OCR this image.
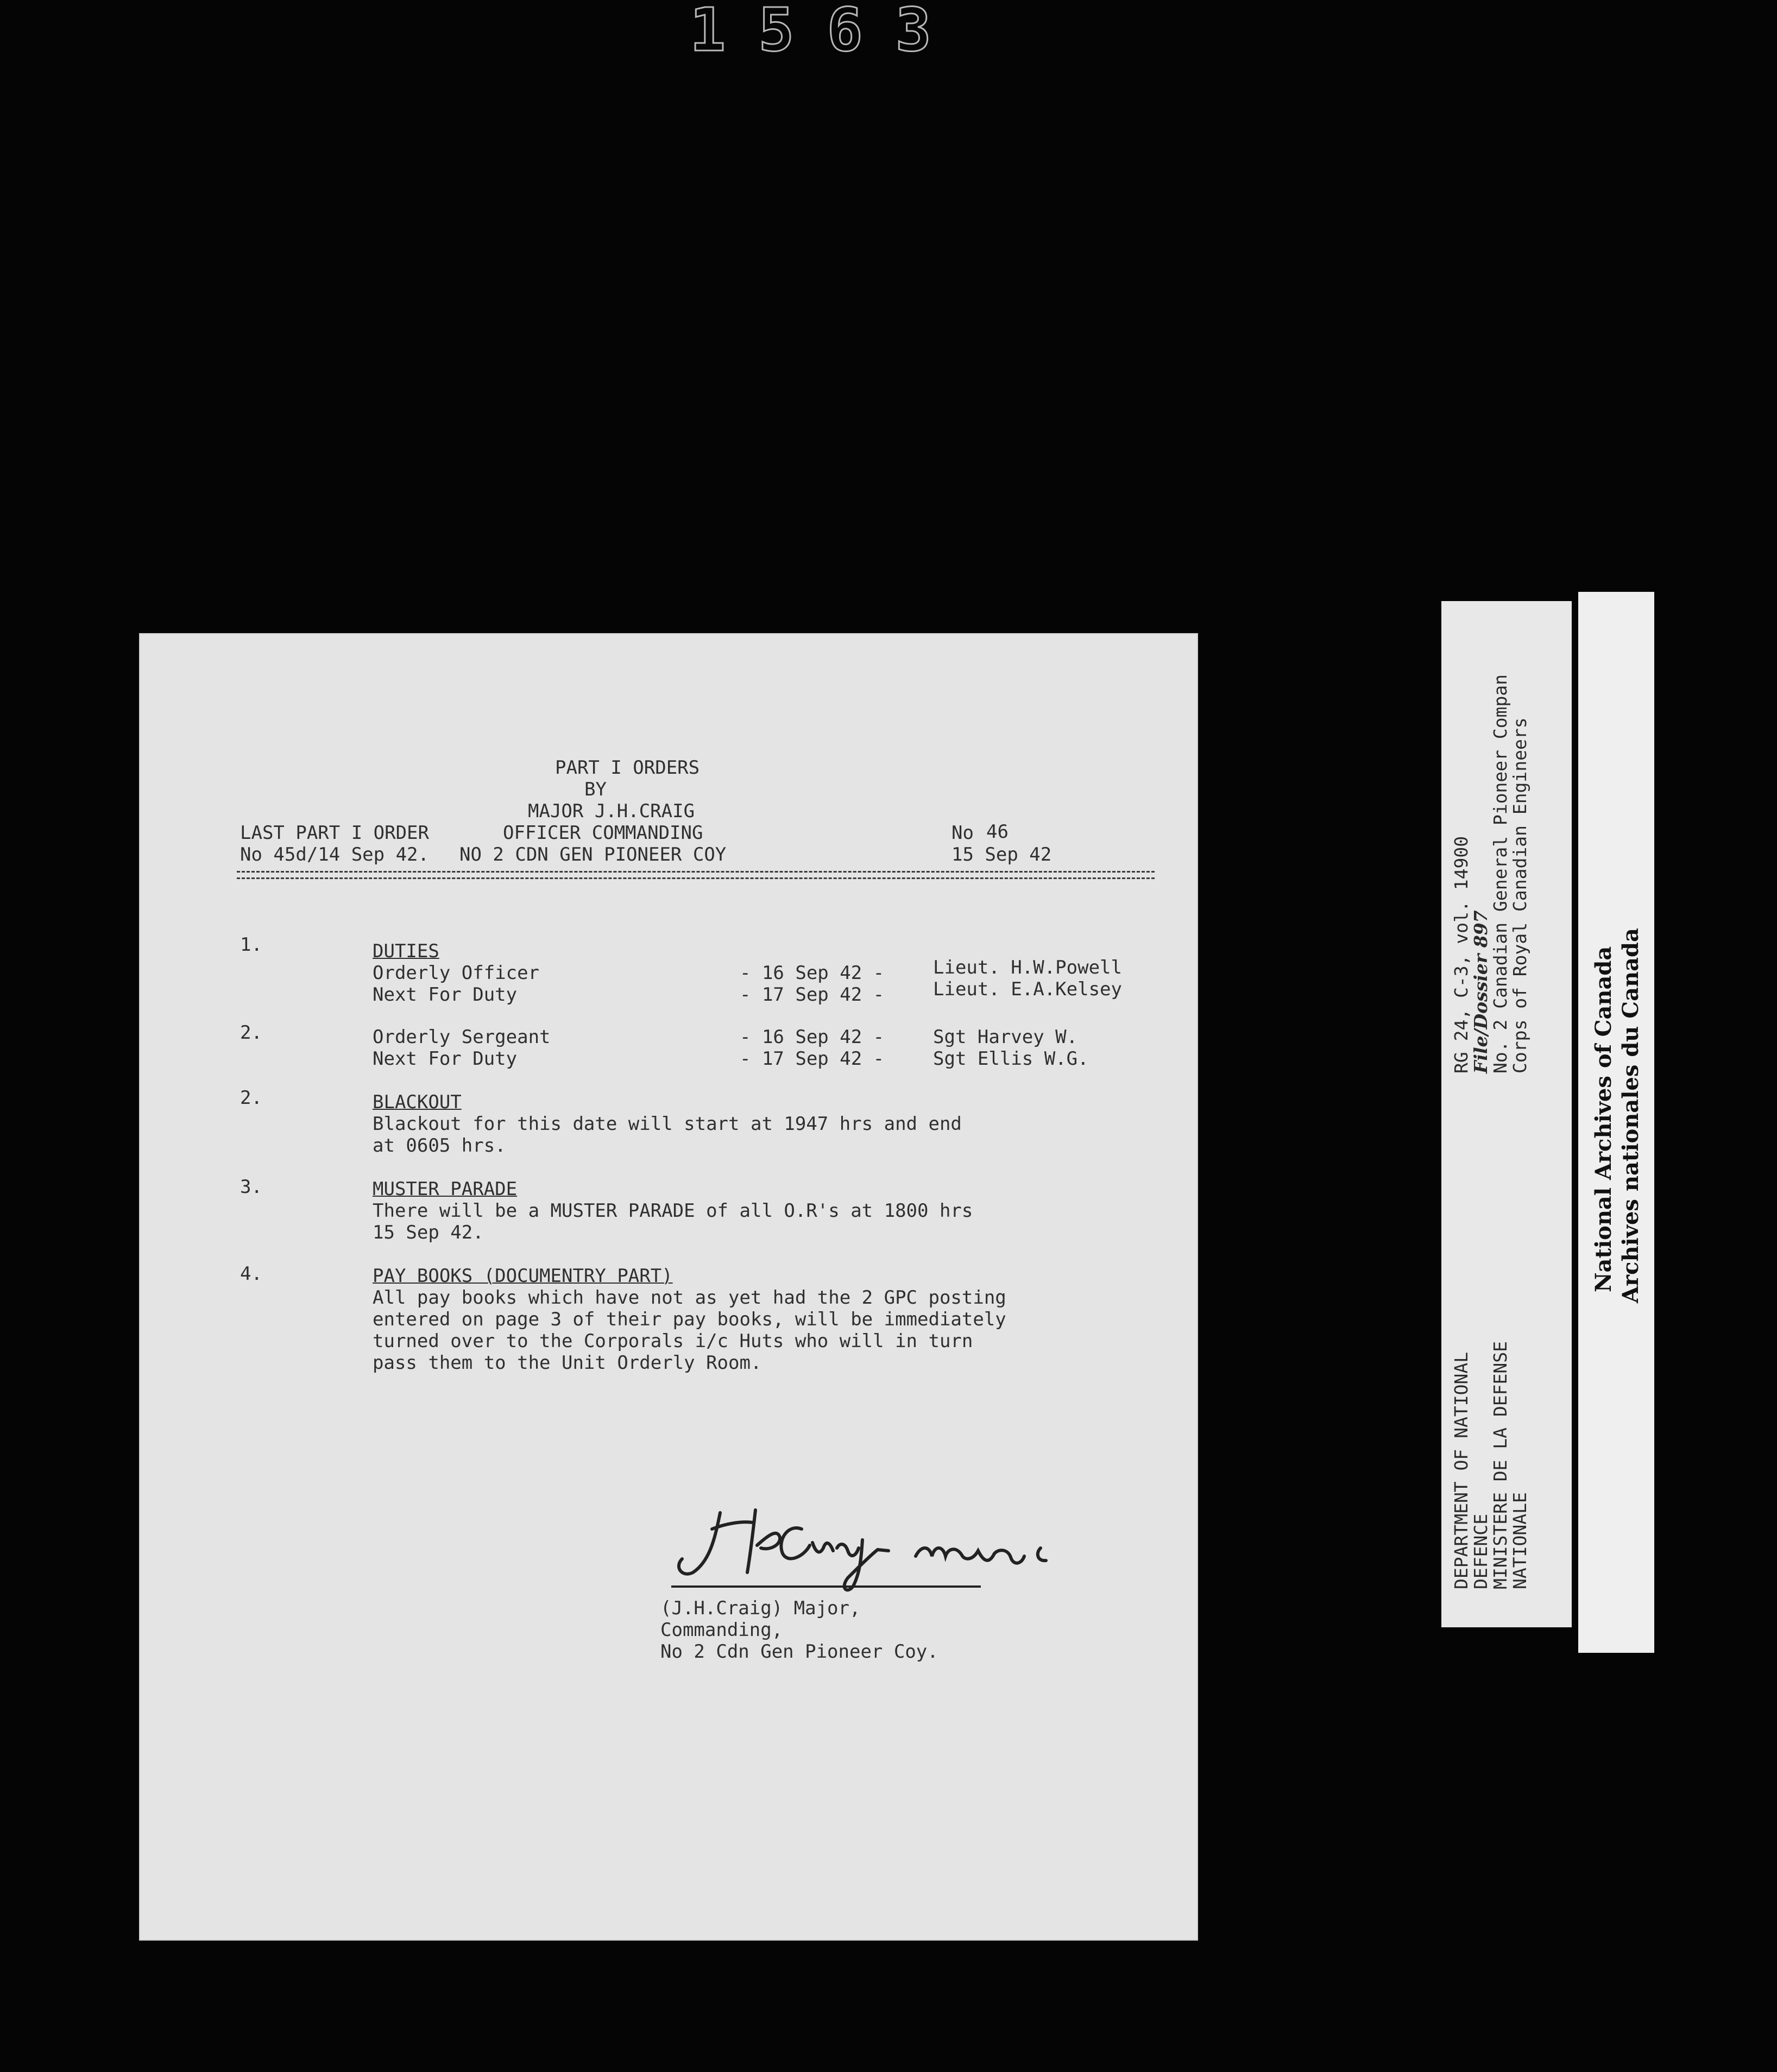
1563
PART I ORDERS
BY
MAJOR J.H.CRAIG
LAST PART I ORDER	OFFICER COMMANDING	No 46
No 45d/14 Sep 42. NO 2 CDN GEN PIONEER COY	15 Sep 42
1.	DUTIES
Orderly Officer	- 16 Sep 42 -	Lieut. H.W.Powell
Next For Duty	- 17 Sep 42 -	Lieut. E.A.Kelsey
2.	Orderly Sergeant	- 16 Sep 42 -	Sgt Harvey W.
Next For Duty	- 17 Sep 42 -	Sgt Ellis W.G.
2.	BLACKOUT
Blackout for this date will start at 1947 hrs and end
at 0605 hrs.
3.	MUSTER PARADE
There will be a MUSTER PARADE of all O.R's at 1800 hrs
15 Sep 42.
4.	PAY BOOKS (DOCUMENTRY PART)
All pay books which have not as yet had the 2 GPC posting
entered on page 3 of their pay books, will be immediately
turned over to the Corporals i/c Huts who will in turn
pass them to the Unit Orderly Room.
(J.H.Craig) Major,
Commanding,
No 2 Cdn Gen Pioneer Coy.
DEPARTMENT OF NATIONAL
DEFENCE
MINISTERE DE LA DEFENSE
NATIONALE
RG 24, C-3, vol. 14900
File/Dossier 897
No. 2 Canadian General Pioneer Compan
Corps of Royal Canadian Engineers
National Archives of Canada Archives nationales du Canada
